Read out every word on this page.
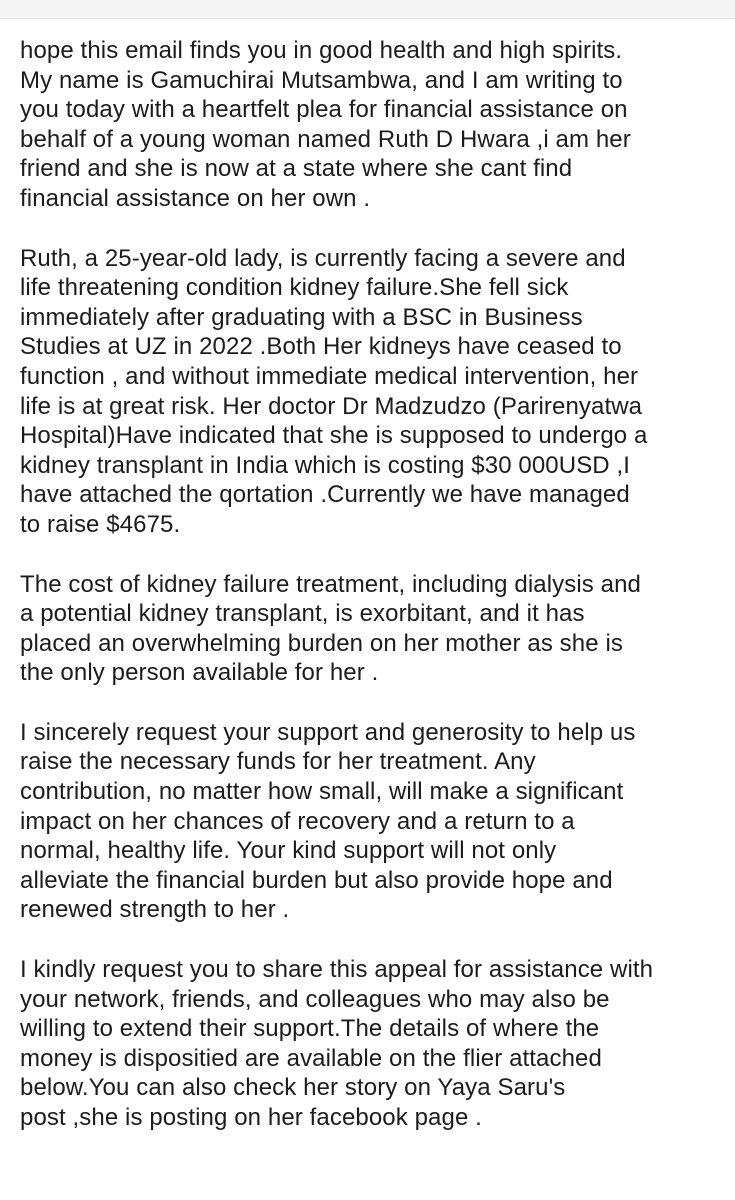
hope this email finds you in good health and high spirits.
My name is Gamuchirai Mutsambwa, and I am writing to
you today with a heartfelt plea for financial assistance on
behalf of a young woman named Ruth D Hwara ,i am her
friend and she is now at a state where she cant find
financial assistance on her own .

Ruth, a 25-year-old lady, is currently facing a severe and
life threatening condition kidney failure.She fell sick
immediately after graduating with a BSC in Business
Studies at UZ in 2022 .Both Her kidneys have ceased to
function , and without immediate medical intervention, her
life is at great risk. Her doctor Dr Madzudzo (Parirenyatwa
Hospital)Have indicated that she is supposed to undergo a
kidney transplant in India which is costing $30 000USD ,I
have attached the qortation .Currently we have managed
to raise $4675.

The cost of kidney failure treatment, including dialysis and
a potential kidney transplant, is exorbitant, and it has
placed an overwhelming burden on her mother as she is
the only person available for her .

I sincerely request your support and generosity to help us
raise the necessary funds for her treatment. Any
contribution, no matter how small, will make a significant
impact on her chances of recovery and a return to a
normal, healthy life. Your kind support will not only
alleviate the financial burden but also provide hope and
renewed strength to her .

I kindly request you to share this appeal for assistance with
your network, friends, and colleagues who may also be
willing to extend their support.The details of where the
money is dispositied are available on the flier attached
below.You can also check her story on Yaya Saru's
post ,she is posting on her facebook page .
